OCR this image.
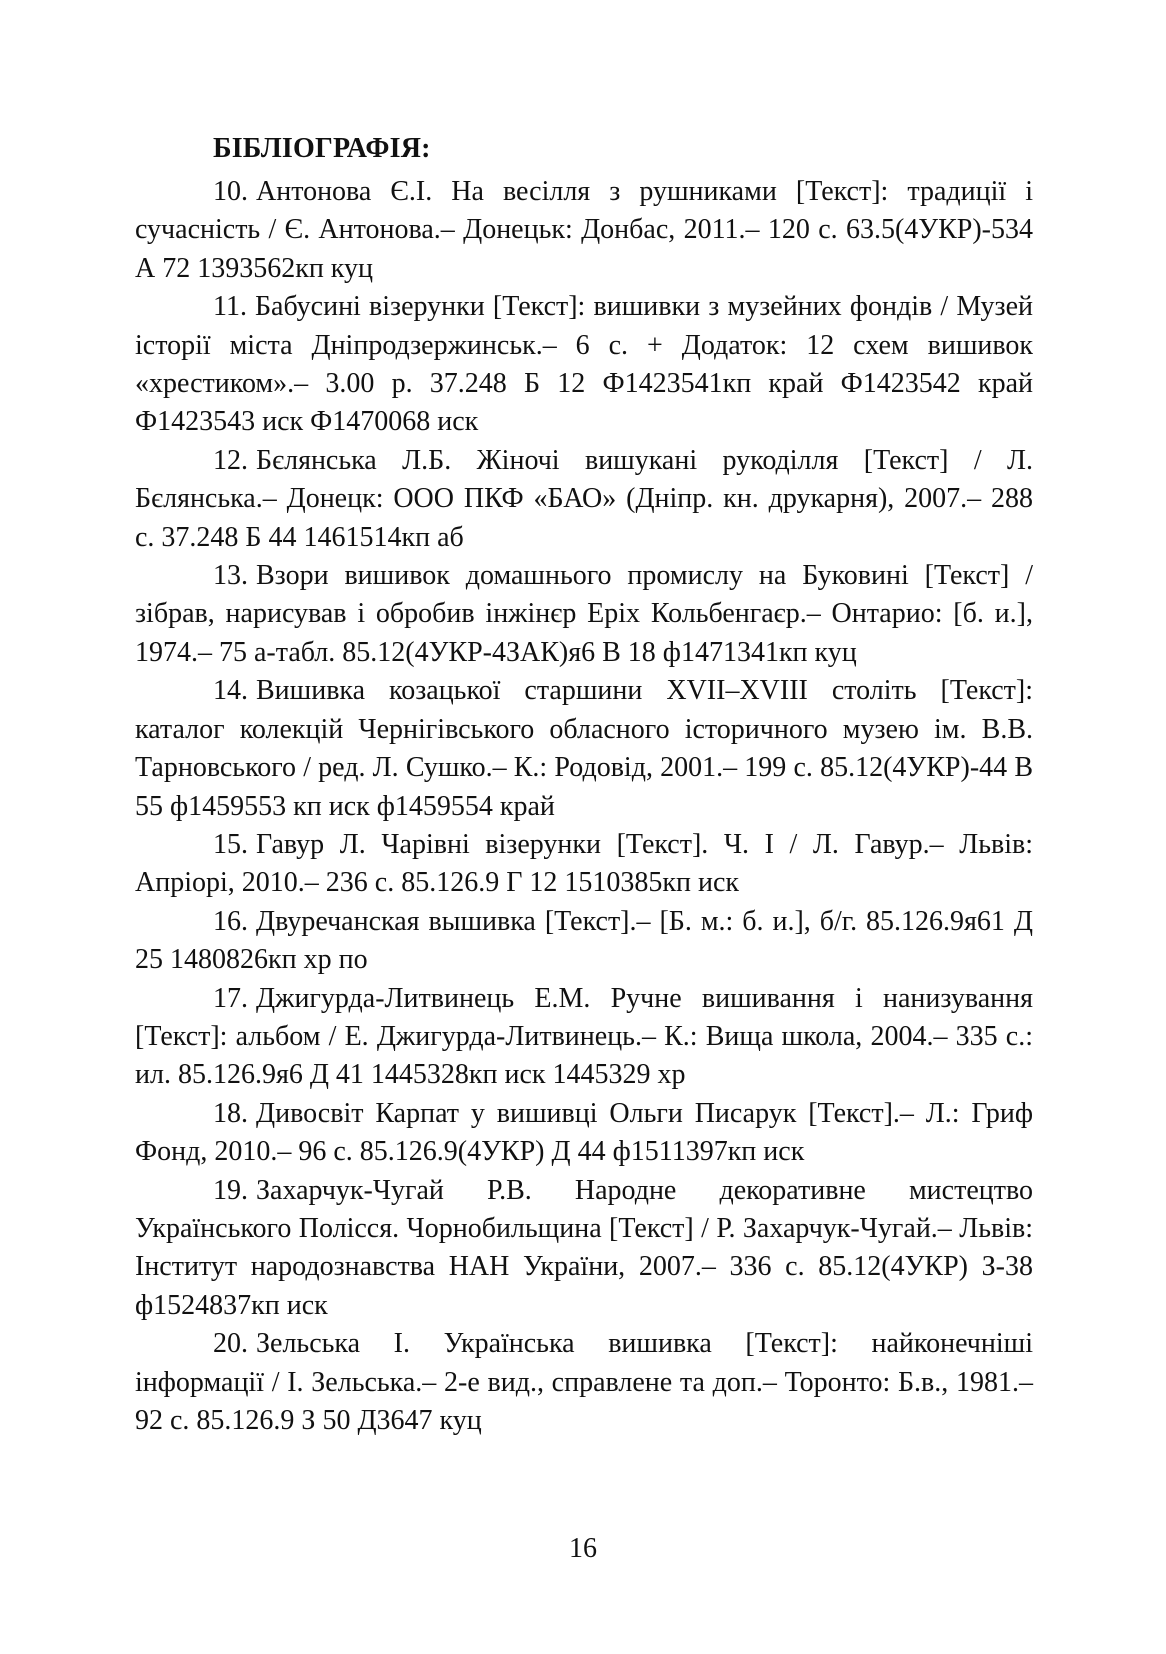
БІБЛІОГРАФІЯ:

10. Антонова Є.І. На весілля з рушниками [Текст]: традиції і сучасність / Є. Антонова.– Донецьк: Донбас, 2011.– 120 с. 63.5(4УКР)-534 А 72 1393562кп куц

11. Бабусині візерунки [Текст]: вишивки з музейних фондів / Музей історії міста Дніпродзержинськ.– 6 с. + Додаток: 12 схем вишивок «хрестиком».– 3.00 р. 37.248 Б 12 Ф1423541кп край Ф1423542 край Ф1423543 иск Ф1470068 иск

12. Бєлянська Л.Б. Жіночі вишукані рукоділля [Текст] / Л. Бєлянська.– Донецк: ООО ПКФ «БАО» (Дніпр. кн. друкарня), 2007.– 288 с. 37.248 Б 44 1461514кп аб

13. Взори вишивок домашнього промислу на Буковині [Текст] / зібрав, нарисував і обробив інжінєр Еріх Кольбенгаєр.– Онтарио: [б. и.], 1974.– 75 а-табл. 85.12(4УКР-4ЗАК)я6 В 18 ф1471341кп куц

14. Вишивка козацької старшини XVII–XVIII століть [Текст]: каталог колекцій Чернігівського обласного історичного музею ім. В.В. Тарновського / ред. Л. Сушко.– К.: Родовід, 2001.– 199 с. 85.12(4УКР)-44 В 55 ф1459553 кп иск ф1459554 край

15. Гавур Л. Чарівні візерунки [Текст]. Ч. І / Л. Гавур.– Львів: Апріорі, 2010.– 236 с. 85.126.9 Г 12 1510385кп иск

16. Двуречанская вышивка [Текст].– [Б. м.: б. и.], б/г. 85.126.9я61 Д 25 1480826кп хр по

17. Джигурда-Литвинець Е.М. Ручне вишивання і нанизування [Текст]: альбом / Е. Джигурда-Литвинець.– К.: Вища школа, 2004.– 335 с.: ил. 85.126.9я6 Д 41 1445328кп иск 1445329 хр

18. Дивосвіт Карпат у вишивці Ольги Писарук [Текст].– Л.: Гриф Фонд, 2010.– 96 с. 85.126.9(4УКР) Д 44 ф1511397кп иск

19. Захарчук-Чугай Р.В. Народне декоративне мистецтво Українського Полісся. Чорнобильщина [Текст] / Р. Захарчук-Чугай.– Львів: Інститут народознавства НАН України, 2007.– 336 с. 85.12(4УКР) З-38 ф1524837кп иск

20. Зельська І. Українська вишивка [Текст]: найконечніші інформації / І. Зельська.– 2-е вид., справлене та доп.– Торонто: Б.в., 1981.– 92 с. 85.126.9 З 50 Д3647 куц

16
